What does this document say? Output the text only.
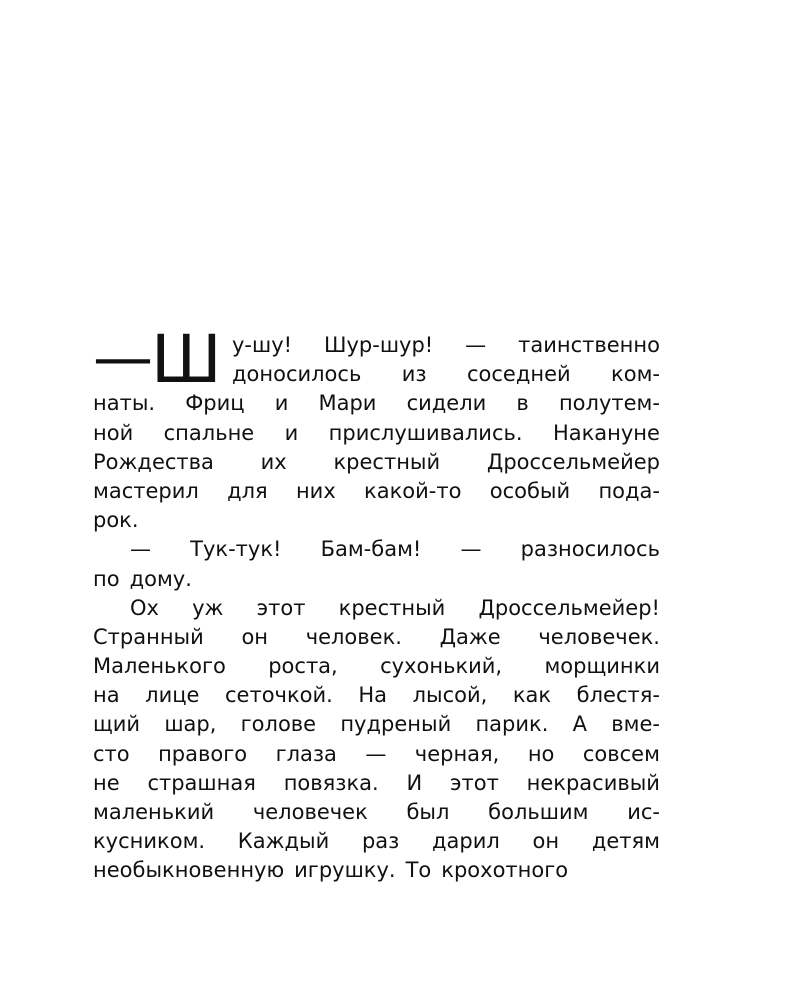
— Ш у-шу! Шур-шур! — таинственно
доносилось из соседней ком-
наты. Фриц и Мари сидели в полутем-
ной спальне и прислушивались. Накануне
Рождества их крестный Дроссельмейер
мастерил для них какой-то особый пода-
рок.
— Тук-тук! Бам-бам! — разносилось
по дому.
Ох уж этот крестный Дроссельмейер!
Странный он человек. Даже человечек.
Маленького роста, сухонький, морщинки
на лице сеточкой. На лысой, как блестя-
щий шар, голове пудреный парик. А вме-
сто правого глаза — черная, но совсем
не страшная повязка. И этот некрасивый
маленький человечек был большим ис-
кусником. Каждый раз дарил он детям
необыкновенную игрушку. То крохотного
